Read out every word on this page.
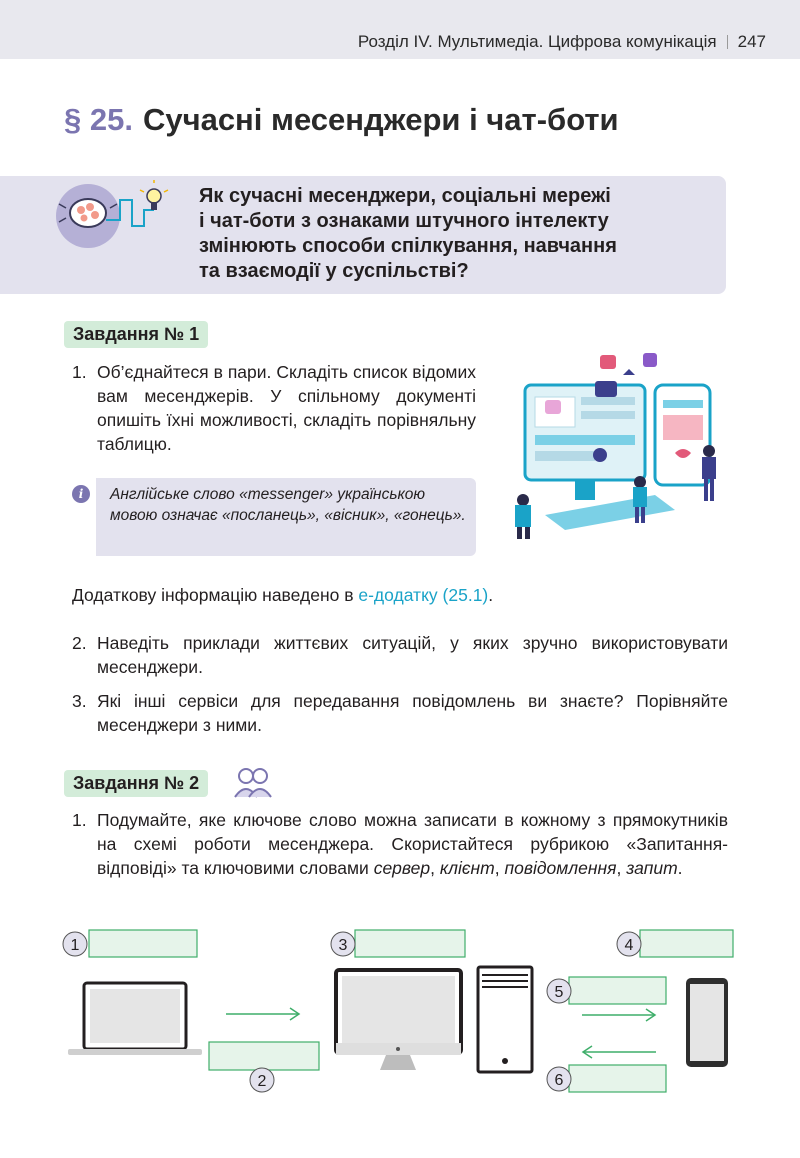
Розділ IV. Мультимедіа. Цифрова комунікація 247
§ 25. Сучасні месенджери і чат-боти
Як сучасні месенджери, соціальні мережі
і чат-боти з ознаками штучного інтелекту
змінюють способи спілкування, навчання
та взаємодії у суспільстві?
Завдання № 1
1. Об’єднайтеся в пари. Складіть список відомих вам месенджерів. У спільному документі опишіть їхні можливості, складіть порівняльну таблицю.
i	Англійське слово «messenger» українською мовою означає «посланець», «вісник», «гонець».
Додаткову інформацію наведено в е-додатку (25.1).
2. Наведіть приклади життєвих ситуацій, у яких зручно використовувати месенджери.
3. Які інші сервіси для передавання повідомлень ви знаєте? Порівняйте месенджери з ними.
Завдання № 2
1. Подумайте, яке ключове слово можна записати в кожному з прямокутників на схемі роботи месенджера. Скористайтеся рубрикою «Запитання-відповіді» та ключовими словами сервер, клієнт, повідомлення, запит.
1
2
3	4
5
6
